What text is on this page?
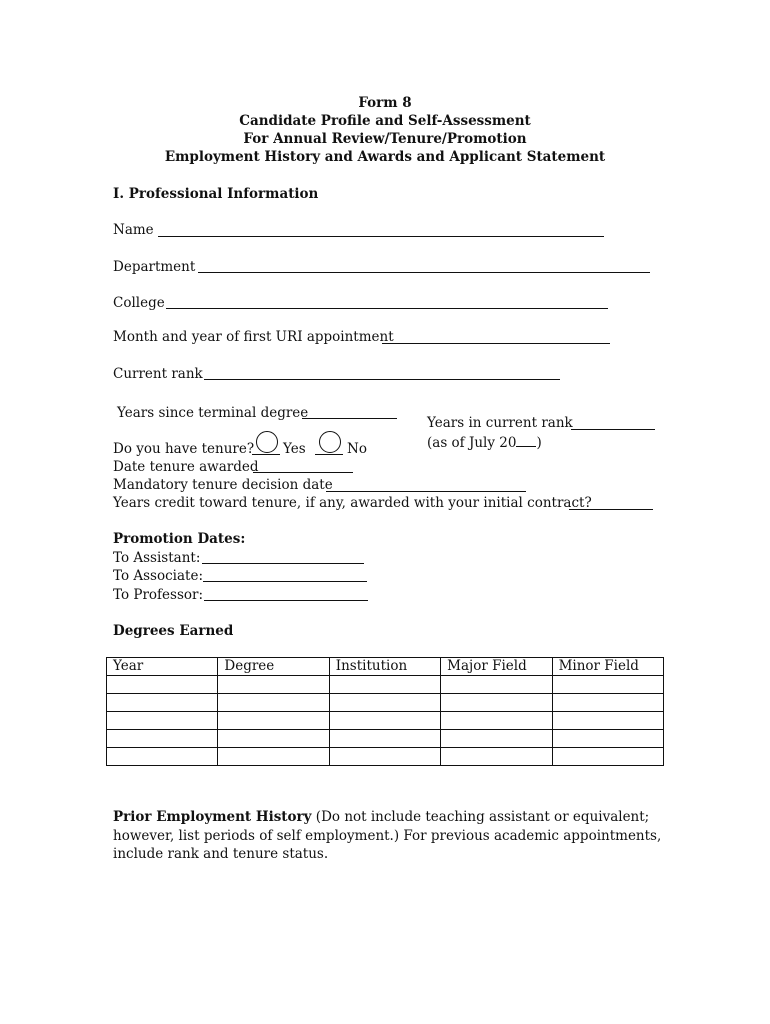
Form 8
Candidate Profile and Self-Assessment
For Annual Review/Tenure/Promotion
Employment History and Awards and Applicant Statement
I. Professional Information
Name
Department
College
Month and year of first URI appointment
Current rank
Years since terminal degree
Years in current rank
(as of July 20 )
Do you have tenure? Yes	No
Date tenure awarded
Mandatory tenure decision date
Years credit toward tenure, if any, awarded with your initial contract?
Promotion Dates:
To Assistant:
To Associate:
To Professor:
Degrees Earned
Year	Degree	Institution	Major Field	Minor Field

Prior Employment History (Do not include teaching assistant or equivalent; however, list periods of self employment.) For previous academic appointments, include rank and tenure status.
